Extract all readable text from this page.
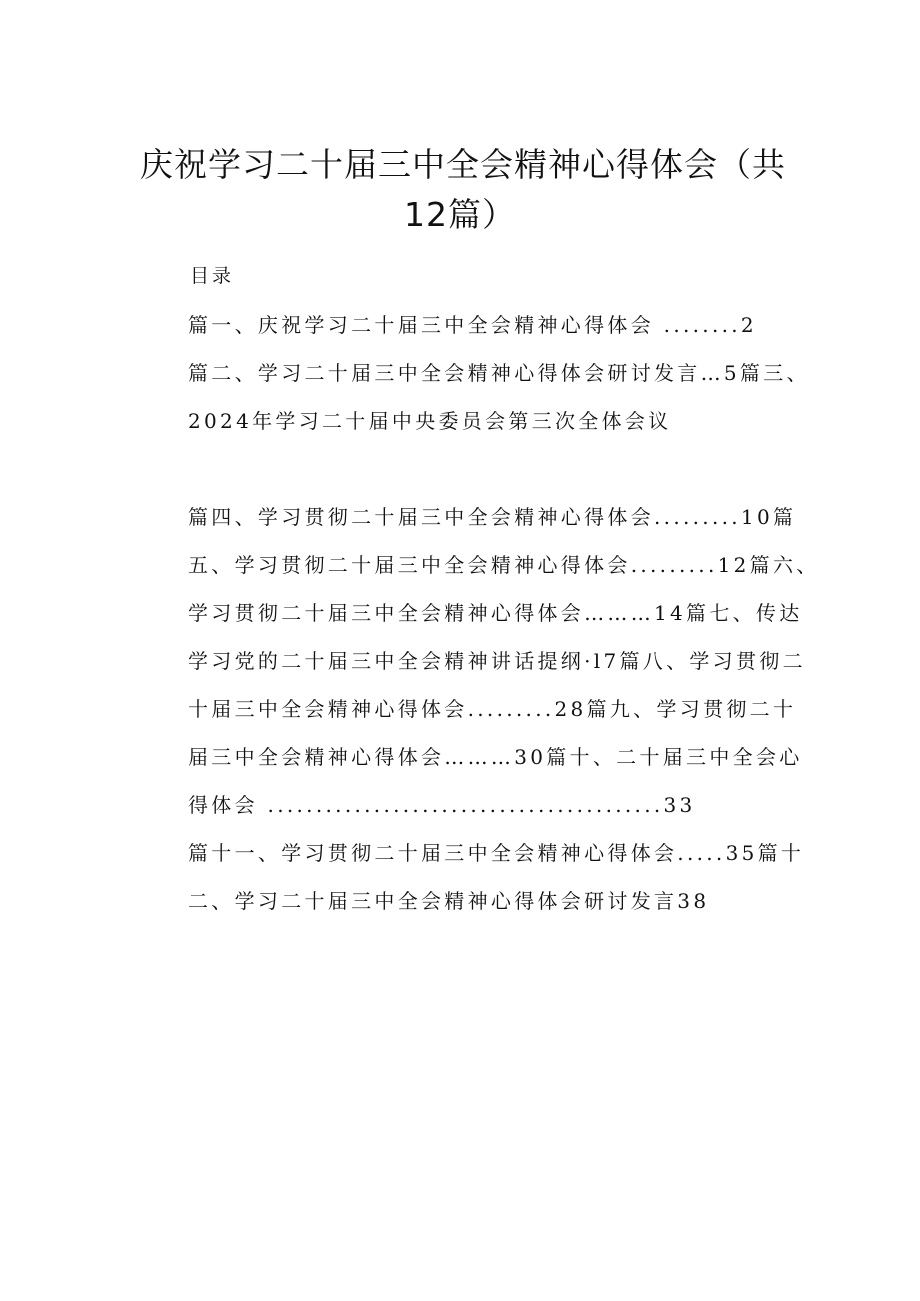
庆祝学习二十届三中全会精神心得体会（共
12篇）
目录
篇一、庆祝学习二十届三中全会精神心得体会 ........2
篇二、学习二十届三中全会精神心得体会研讨发言…5篇三、
2024年学习二十届中央委员会第三次全体会议
篇四、学习贯彻二十届三中全会精神心得体会.........10篇
五、学习贯彻二十届三中全会精神心得体会.........12篇六、
学习贯彻二十届三中全会精神心得体会………14篇七、传达
学习党的二十届三中全会精神讲话提纲·l7篇八、学习贯彻二
十届三中全会精神心得体会.........28篇九、学习贯彻二十
届三中全会精神心得体会………30篇十、二十届三中全会心
得体会 .........................................33
篇十一、学习贯彻二十届三中全会精神心得体会.....35篇十
二、学习二十届三中全会精神心得体会研讨发言38
